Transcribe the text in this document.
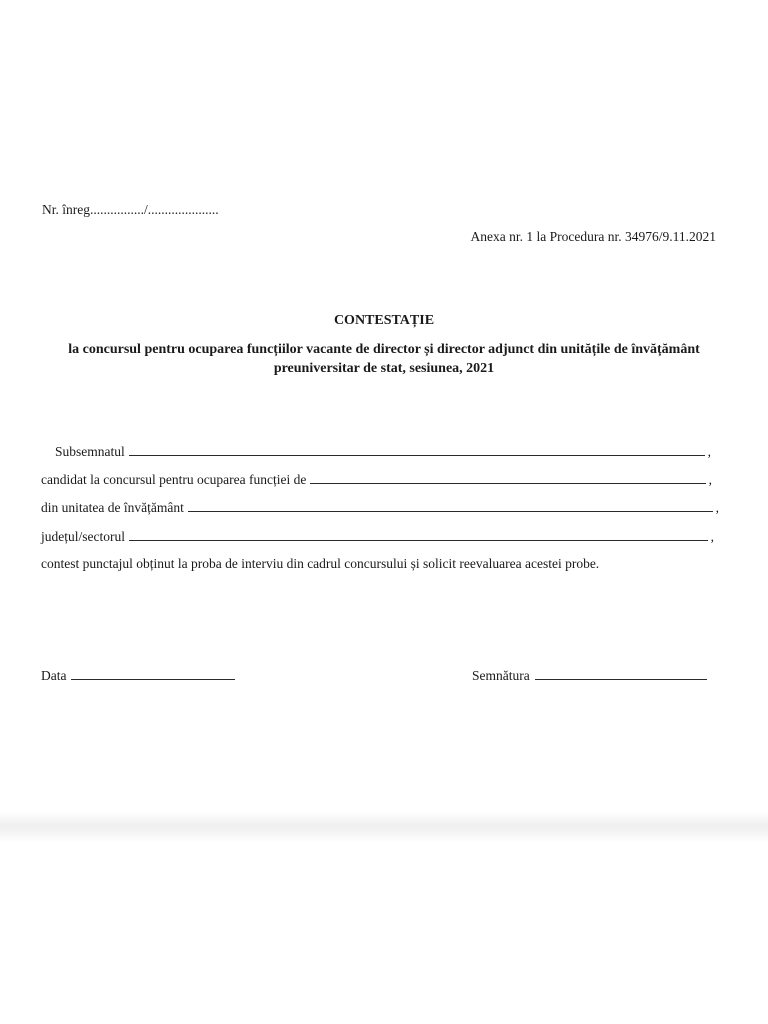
Nr. înreg................/.....................
Anexa nr. 1 la Procedura nr. 34976/9.11.2021
CONTESTAȚIE
la concursul pentru ocuparea funcțiilor vacante de director și director adjunct din unitățile de învățământ preuniversitar de stat, sesiunea, 2021
Subsemnatul	,
candidat la concursul pentru ocuparea funcției de	,
din unitatea de învățământ	,
județul/sectorul	,
contest punctajul obținut la proba de interviu din cadrul concursului și solicit reevaluarea acestei probe.
Data	Semnătura
